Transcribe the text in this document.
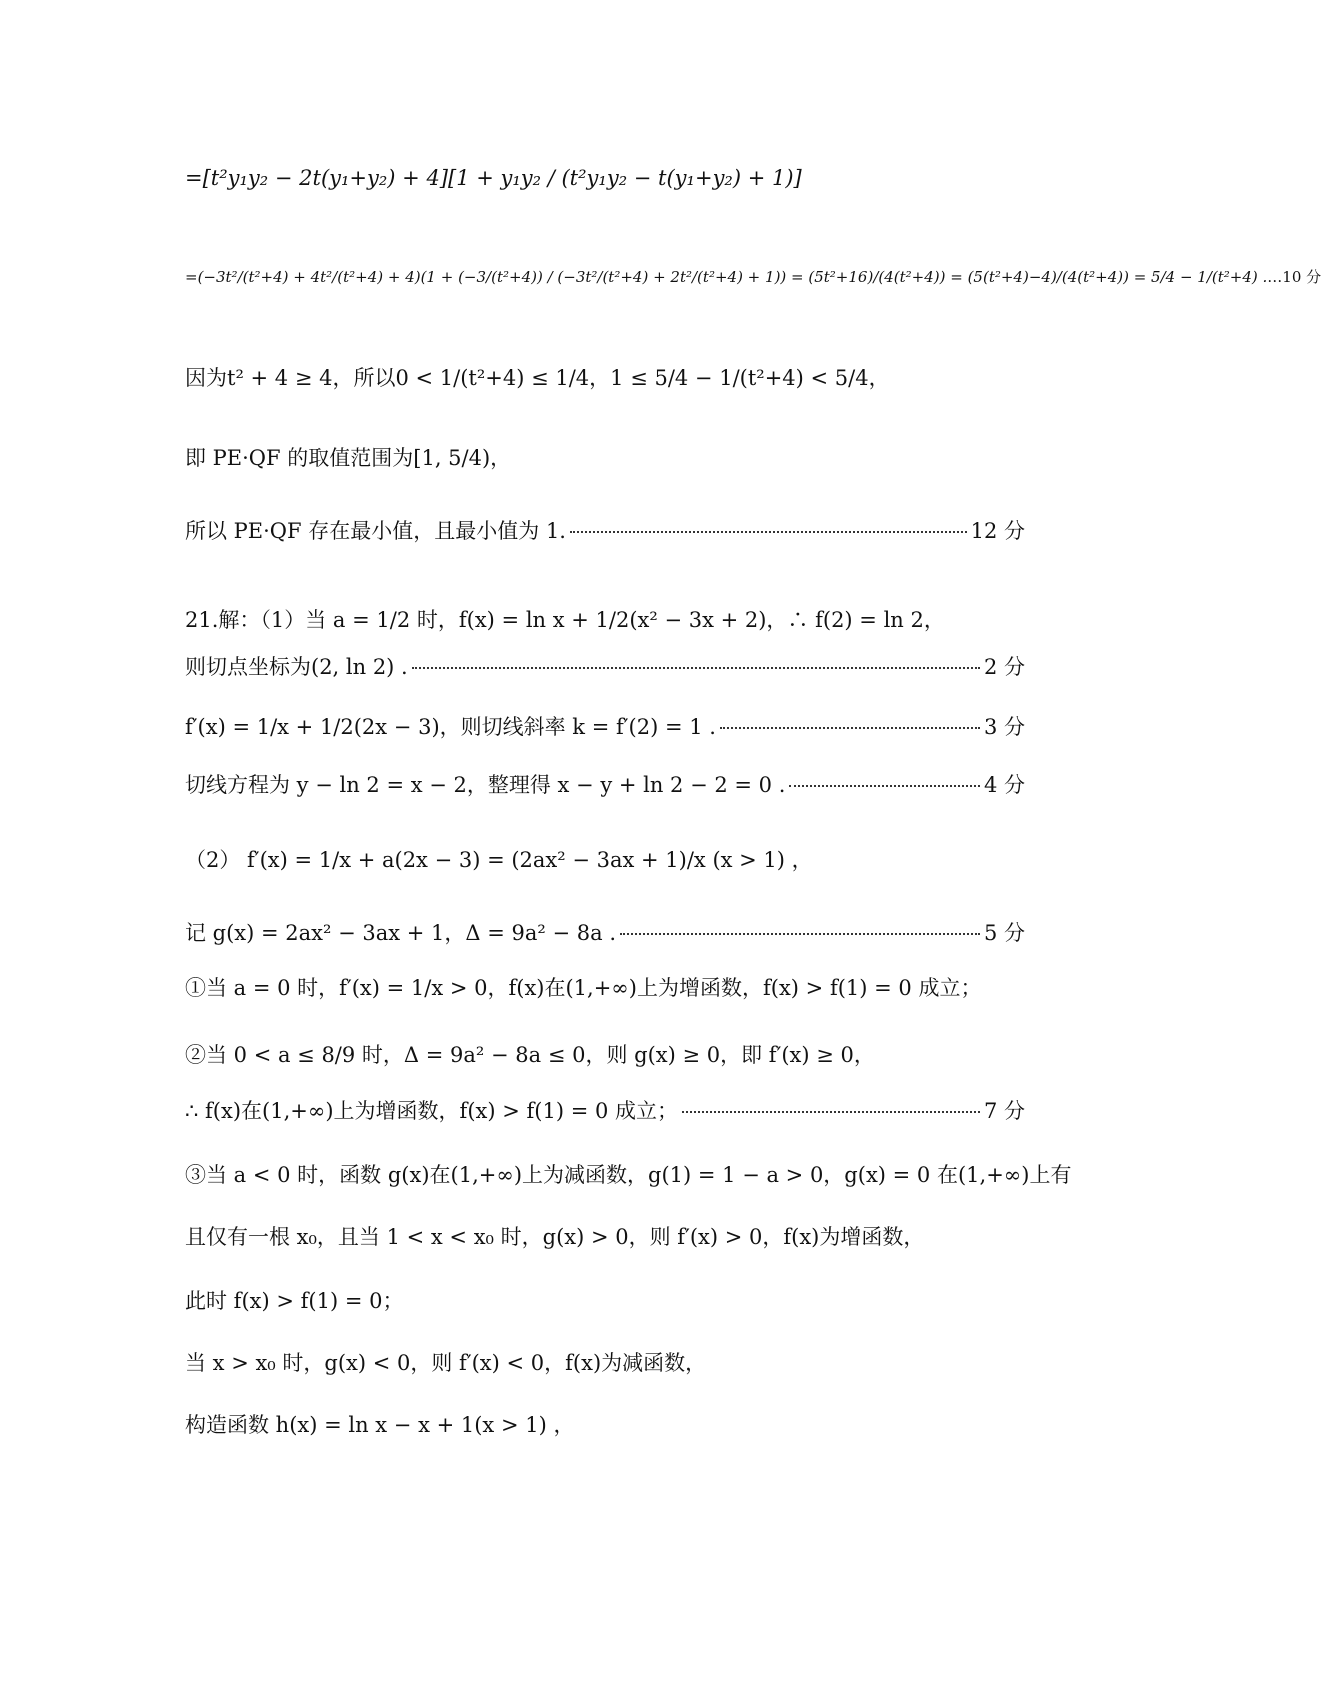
=[t²y₁y₂ − 2t(y₁+y₂) + 4][1 + y₁y₂ / (t²y₁y₂ − t(y₁+y₂) + 1)]
=(−3t²/(t²+4) + 4t²/(t²+4) + 4)(1 + (−3/(t²+4)) / (−3t²/(t²+4) + 2t²/(t²+4) + 1)) = (5t²+16)/(4(t²+4)) = (5(t²+4)−4)/(4(t²+4)) = 5/4 − 1/(t²+4) . …10 分
因为t² + 4 ≥ 4，所以0 < 1/(t²+4) ≤ 1/4，1 ≤ 5/4 − 1/(t²+4) < 5/4，
即 PE·QF 的取值范围为[1, 5/4)，
所以 PE·QF 存在最小值，且最小值为 1.	12 分
21.解：（1）当 a = 1/2 时，f(x) = ln x + 1/2(x² − 3x + 2)，∴ f(2) = ln 2，
则切点坐标为(2, ln 2) .	2 分
f′(x) = 1/x + 1/2(2x − 3)，则切线斜率 k = f′(2) = 1 .	3 分
切线方程为 y − ln 2 = x − 2，整理得 x − y + ln 2 − 2 = 0 .	4 分
（2） f′(x) = 1/x + a(2x − 3) = (2ax² − 3ax + 1)/x (x > 1) ，
记 g(x) = 2ax² − 3ax + 1，Δ = 9a² − 8a .	5 分
①当 a = 0 时，f′(x) = 1/x > 0，f(x)在(1,+∞)上为增函数，f(x) > f(1) = 0 成立；
②当 0 < a ≤ 8/9 时，Δ = 9a² − 8a ≤ 0，则 g(x) ≥ 0，即 f′(x) ≥ 0，
∴ f(x)在(1,+∞)上为增函数，f(x) > f(1) = 0 成立；	7 分
③当 a < 0 时，函数 g(x)在(1,+∞)上为减函数，g(1) = 1 − a > 0，g(x) = 0 在(1,+∞)上有
且仅有一根 x₀，且当 1 < x < x₀ 时，g(x) > 0，则 f′(x) > 0，f(x)为增函数，
此时 f(x) > f(1) = 0；
当 x > x₀ 时，g(x) < 0，则 f′(x) < 0，f(x)为减函数，
构造函数 h(x) = ln x − x + 1(x > 1) ，
